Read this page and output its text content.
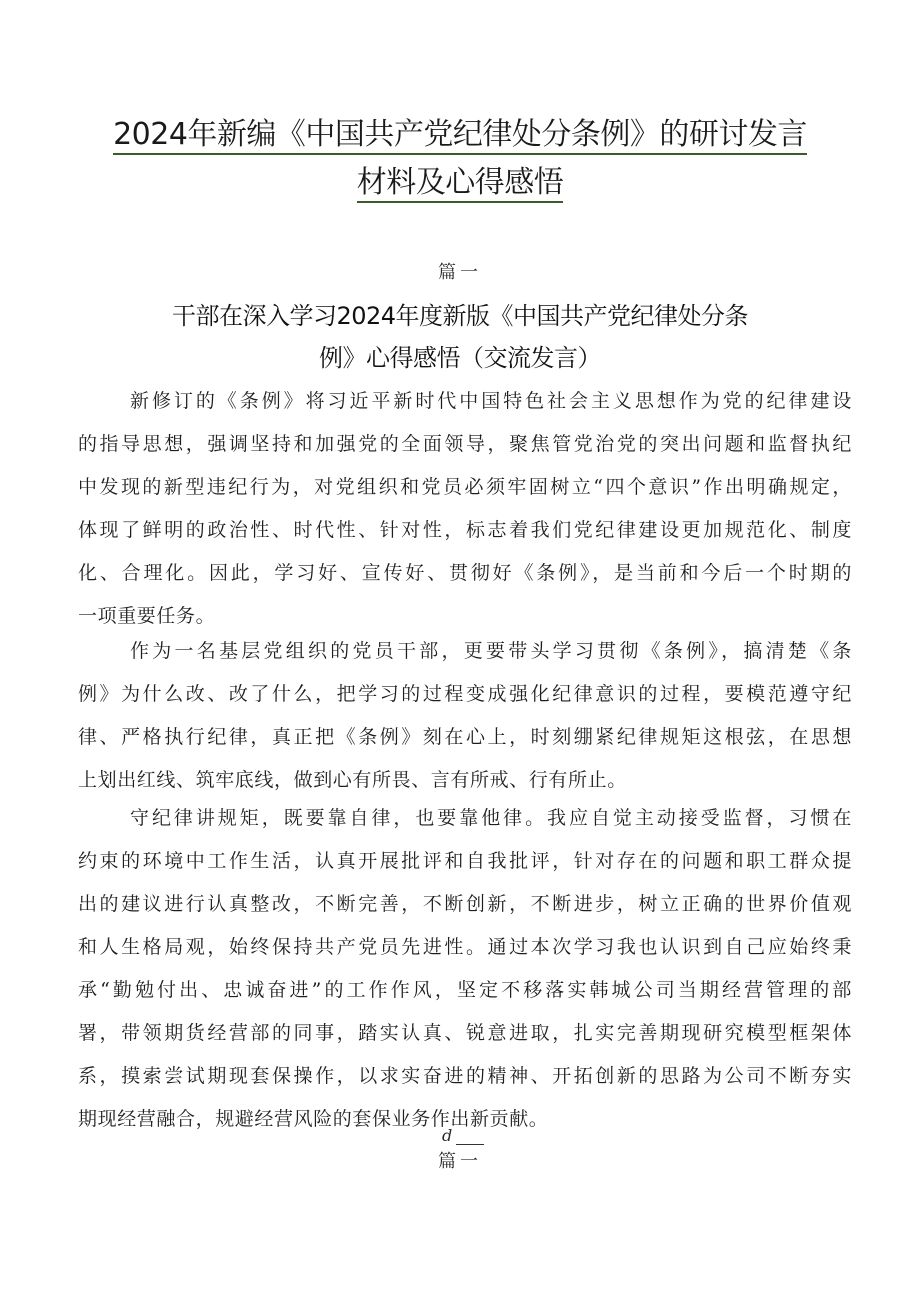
2024年新编《中国共产党纪律处分条例》的研讨发言
材料及心得感悟
篇一
干部在深入学习2024年度新版《中国共产党纪律处分条
例》心得感悟（交流发言）
新修订的《条例》将习近平新时代中国特色社会主义思想作为党的纪律建设
的指导思想，强调坚持和加强党的全面领导，聚焦管党治党的突出问题和监督执纪
中发现的新型违纪行为，对党组织和党员必须牢固树立“四个意识”作出明确规定，
体现了鲜明的政治性、时代性、针对性，标志着我们党纪律建设更加规范化、制度
化、合理化。因此，学习好、宣传好、贯彻好《条例》，是当前和今后一个时期的
一项重要任务。
作为一名基层党组织的党员干部，更要带头学习贯彻《条例》，搞清楚《条
例》为什么改、改了什么，把学习的过程变成强化纪律意识的过程，要模范遵守纪
律、严格执行纪律，真正把《条例》刻在心上，时刻绷紧纪律规矩这根弦，在思想
上划出红线、筑牢底线，做到心有所畏、言有所戒、行有所止。
守纪律讲规矩，既要靠自律，也要靠他律。我应自觉主动接受监督，习惯在
约束的环境中工作生活，认真开展批评和自我批评，针对存在的问题和职工群众提
出的建议进行认真整改，不断完善，不断创新，不断进步，树立正确的世界价值观
和人生格局观，始终保持共产党员先进性。通过本次学习我也认识到自己应始终秉
承“勤勉付出、忠诚奋进”的工作作风，坚定不移落实韩城公司当期经营管理的部
署，带领期货经营部的同事，踏实认真、锐意进取，扎实完善期现研究模型框架体
系，摸索尝试期现套保操作，以求实奋进的精神、开拓创新的思路为公司不断夯实
期现经营融合，规避经营风险的套保业务作出新贡献。
d
篇一
